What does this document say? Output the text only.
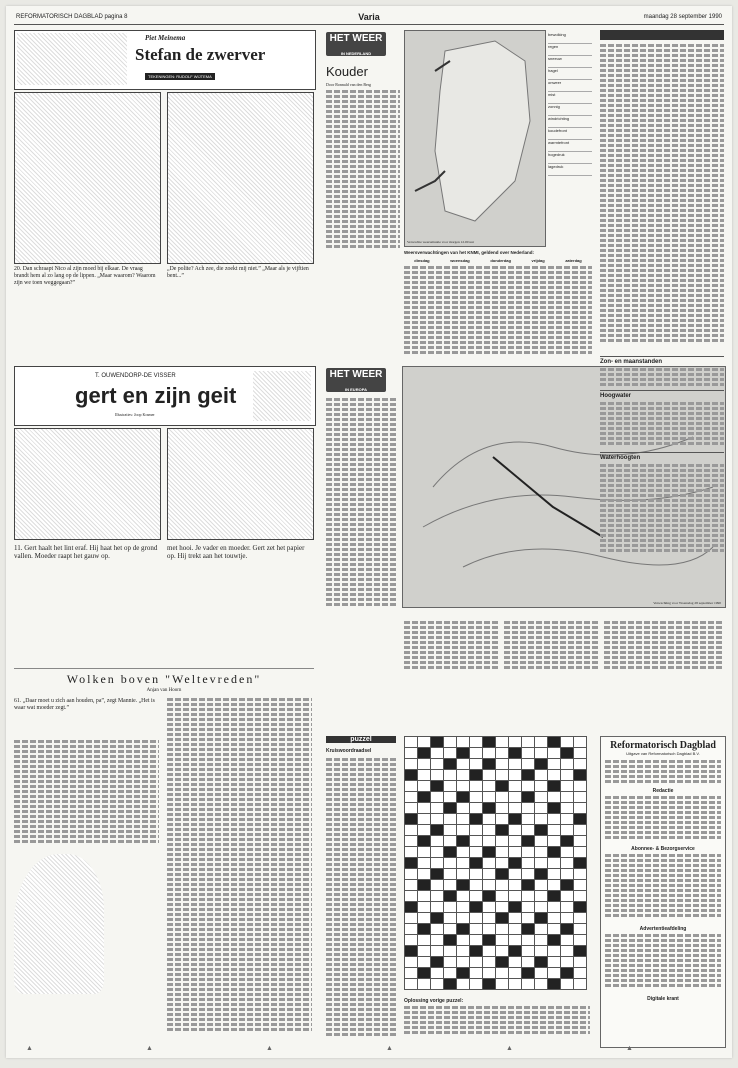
REFORMATORISCH DAGBLAD pagina 8	Varia	maandag 28 september 1990
Piet Meinema
Stefan de zwerver
TEKENINGEN: RUDOLF WIJTEMA
20. Dan schraapt Nico al zijn moed bij elkaar. De vraag brandt hem al zo lang op de lippen. „Maar waarom? Waarom zijn we toen weggegaan?”
„De polite? Ach zee, die zoekt mij niet.” „Maar als je vijftien bent...”
T. OUWENDORP-DE VISSER
gert en zijn geit
Illustraties: Joop Kramer
11. Gert haalt het lint eraf. Hij haat het op de grond vallen. Moeder raapt het gauw op.
met hooi. Je vader en moeder. Gert zet het papier op. Hij trekt aan het touwtje.
Wolken boven "Weltevreden"
Anjan van Hoorn
61. „Daar moet u zich aan houden, pa”, zegt Mannie. „Het is waar wat moeder zegt.”
HET WEER
IN NEDERLAND
Kouder
Door Ronnald van den Berg
Verwachte weerssituatie voor morgen 12.00 uur
bewolking
regen
sneeuw
hagel
onweer
mist
zonnig
windrichting
koudefront
warmtefront
hogedruk
lagedruk
Weersverwachtingen van het KNMI, geldend over Nederland:
dinsdag	woensdag	donderdag	vrijdag	zaterdag
HET WEER
IN EUROPA
Verwachting voor Woensdag 28 september 1990
Zon- en maanstanden
Hoogwater
Waterhoogten
puzzel
Kruiswoordraadsel

Oplossing vorige puzzel:
Reformatorisch Dagblad
Uitgave van Reformatorisch Dagblad B.V.
Redactie
Abonnee- & Bezorgservice
Advertentieafdeling
Digitale krant
▲	▲	▲	▲	▲	▲
